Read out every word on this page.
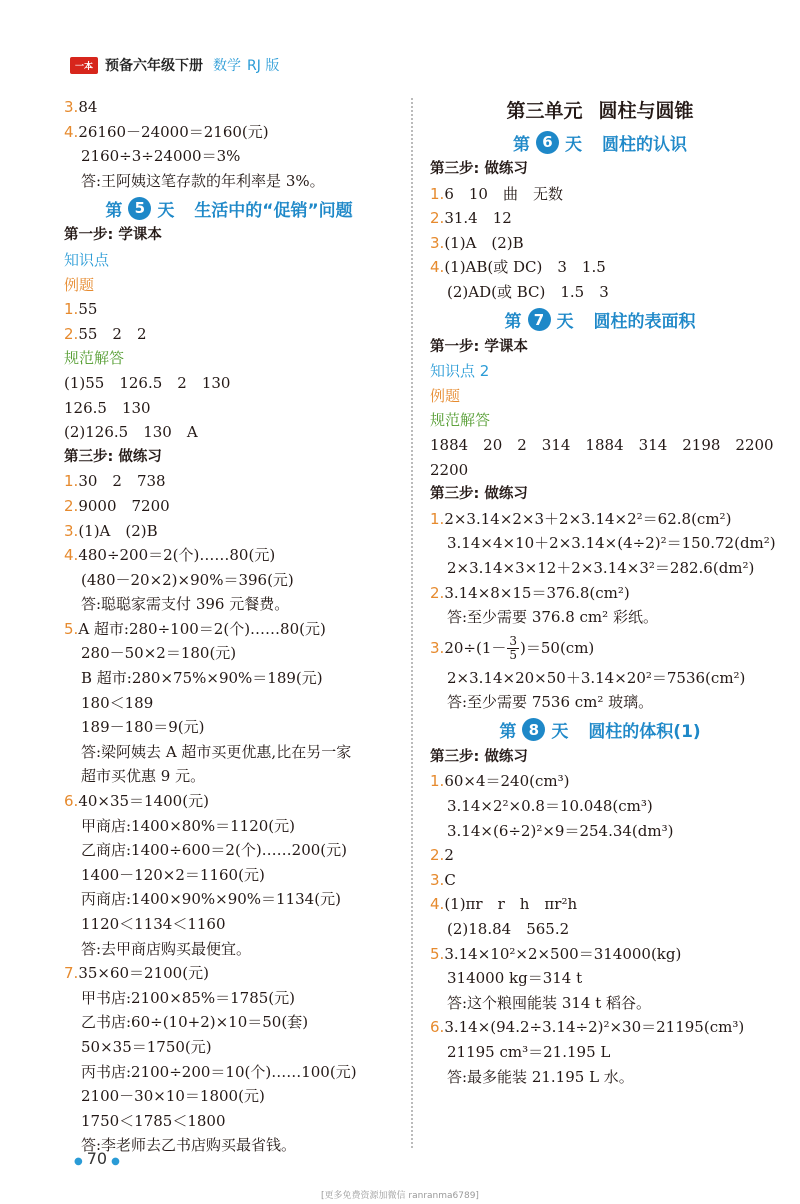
一本 预备六年级下册 数学 RJ 版
3.84
4.26160－24000＝2160(元)
2160÷3÷24000＝3%
答:王阿姨这笔存款的年利率是 3%。
第 5 天 生活中的“促销”问题
第一步: 学课本
知识点
例题
1.55
2.55　2　2
规范解答
(1)55　126.5　2　130
126.5　130
(2)126.5　130　A
第三步: 做练习
1.30　2　738
2.9000　7200
3.(1)A　(2)B
4.480÷200＝2(个)……80(元)
(480－20×2)×90%＝396(元)
答:聪聪家需支付 396 元餐费。
5.A 超市:280÷100＝2(个)……80(元)
280－50×2＝180(元)
B 超市:280×75%×90%＝189(元)
180＜189
189－180＝9(元)
答:梁阿姨去 A 超市买更优惠,比在另一家
超市买优惠 9 元。
6.40×35＝1400(元)
甲商店:1400×80%＝1120(元)
乙商店:1400÷600＝2(个)……200(元)
1400－120×2＝1160(元)
丙商店:1400×90%×90%＝1134(元)
1120＜1134＜1160
答:去甲商店购买最便宜。
7.35×60＝2100(元)
甲书店:2100×85%＝1785(元)
乙书店:60÷(10+2)×10＝50(套)
50×35＝1750(元)
丙书店:2100÷200＝10(个)……100(元)
2100－30×10＝1800(元)
1750＜1785＜1800
答:李老师去乙书店购买最省钱。
第三单元 圆柱与圆锥
第 6 天 圆柱的认识
第三步: 做练习
1.6　10　曲　无数
2.31.4　12
3.(1)A　(2)B
4.(1)AB(或 DC)　3　1.5
(2)AD(或 BC)　1.5　3
第 7 天 圆柱的表面积
第一步: 学课本
知识点 2
例题
规范解答
1884　20　2　314　1884　314　2198　2200
2200
第三步: 做练习
1.2×3.14×2×3＋2×3.14×2²＝62.8(cm²)
3.14×4×10＋2×3.14×(4÷2)²＝150.72(dm²)
2×3.14×3×12＋2×3.14×3²＝282.6(dm²)
2.3.14×8×15＝376.8(cm²)
答:至少需要 376.8 cm² 彩纸。
$3.20\div(1- \frac{3}{5} )=50(cm)$
2×3.14×20×50＋3.14×20²＝7536(cm²)
答:至少需要 7536 cm² 玻璃。
第 8 天 圆柱的体积(1)
第三步: 做练习
1.60×4＝240(cm³)
3.14×2²×0.8＝10.048(cm³)
3.14×(6÷2)²×9＝254.34(dm³)
2.2
3.C
4.(1)πr　r　h　πr²h
(2)18.84　565.2
5.3.14×10²×2×500＝314000(kg)
314000 kg＝314 t
答:这个粮囤能装 314 t 稻谷。
6.3.14×(94.2÷3.14÷2)²×30＝21195(cm³)
21195 cm³＝21.195 L
答:最多能装 21.195 L 水。
● 70 ●
[更多免费资源加微信 ranranma6789]
